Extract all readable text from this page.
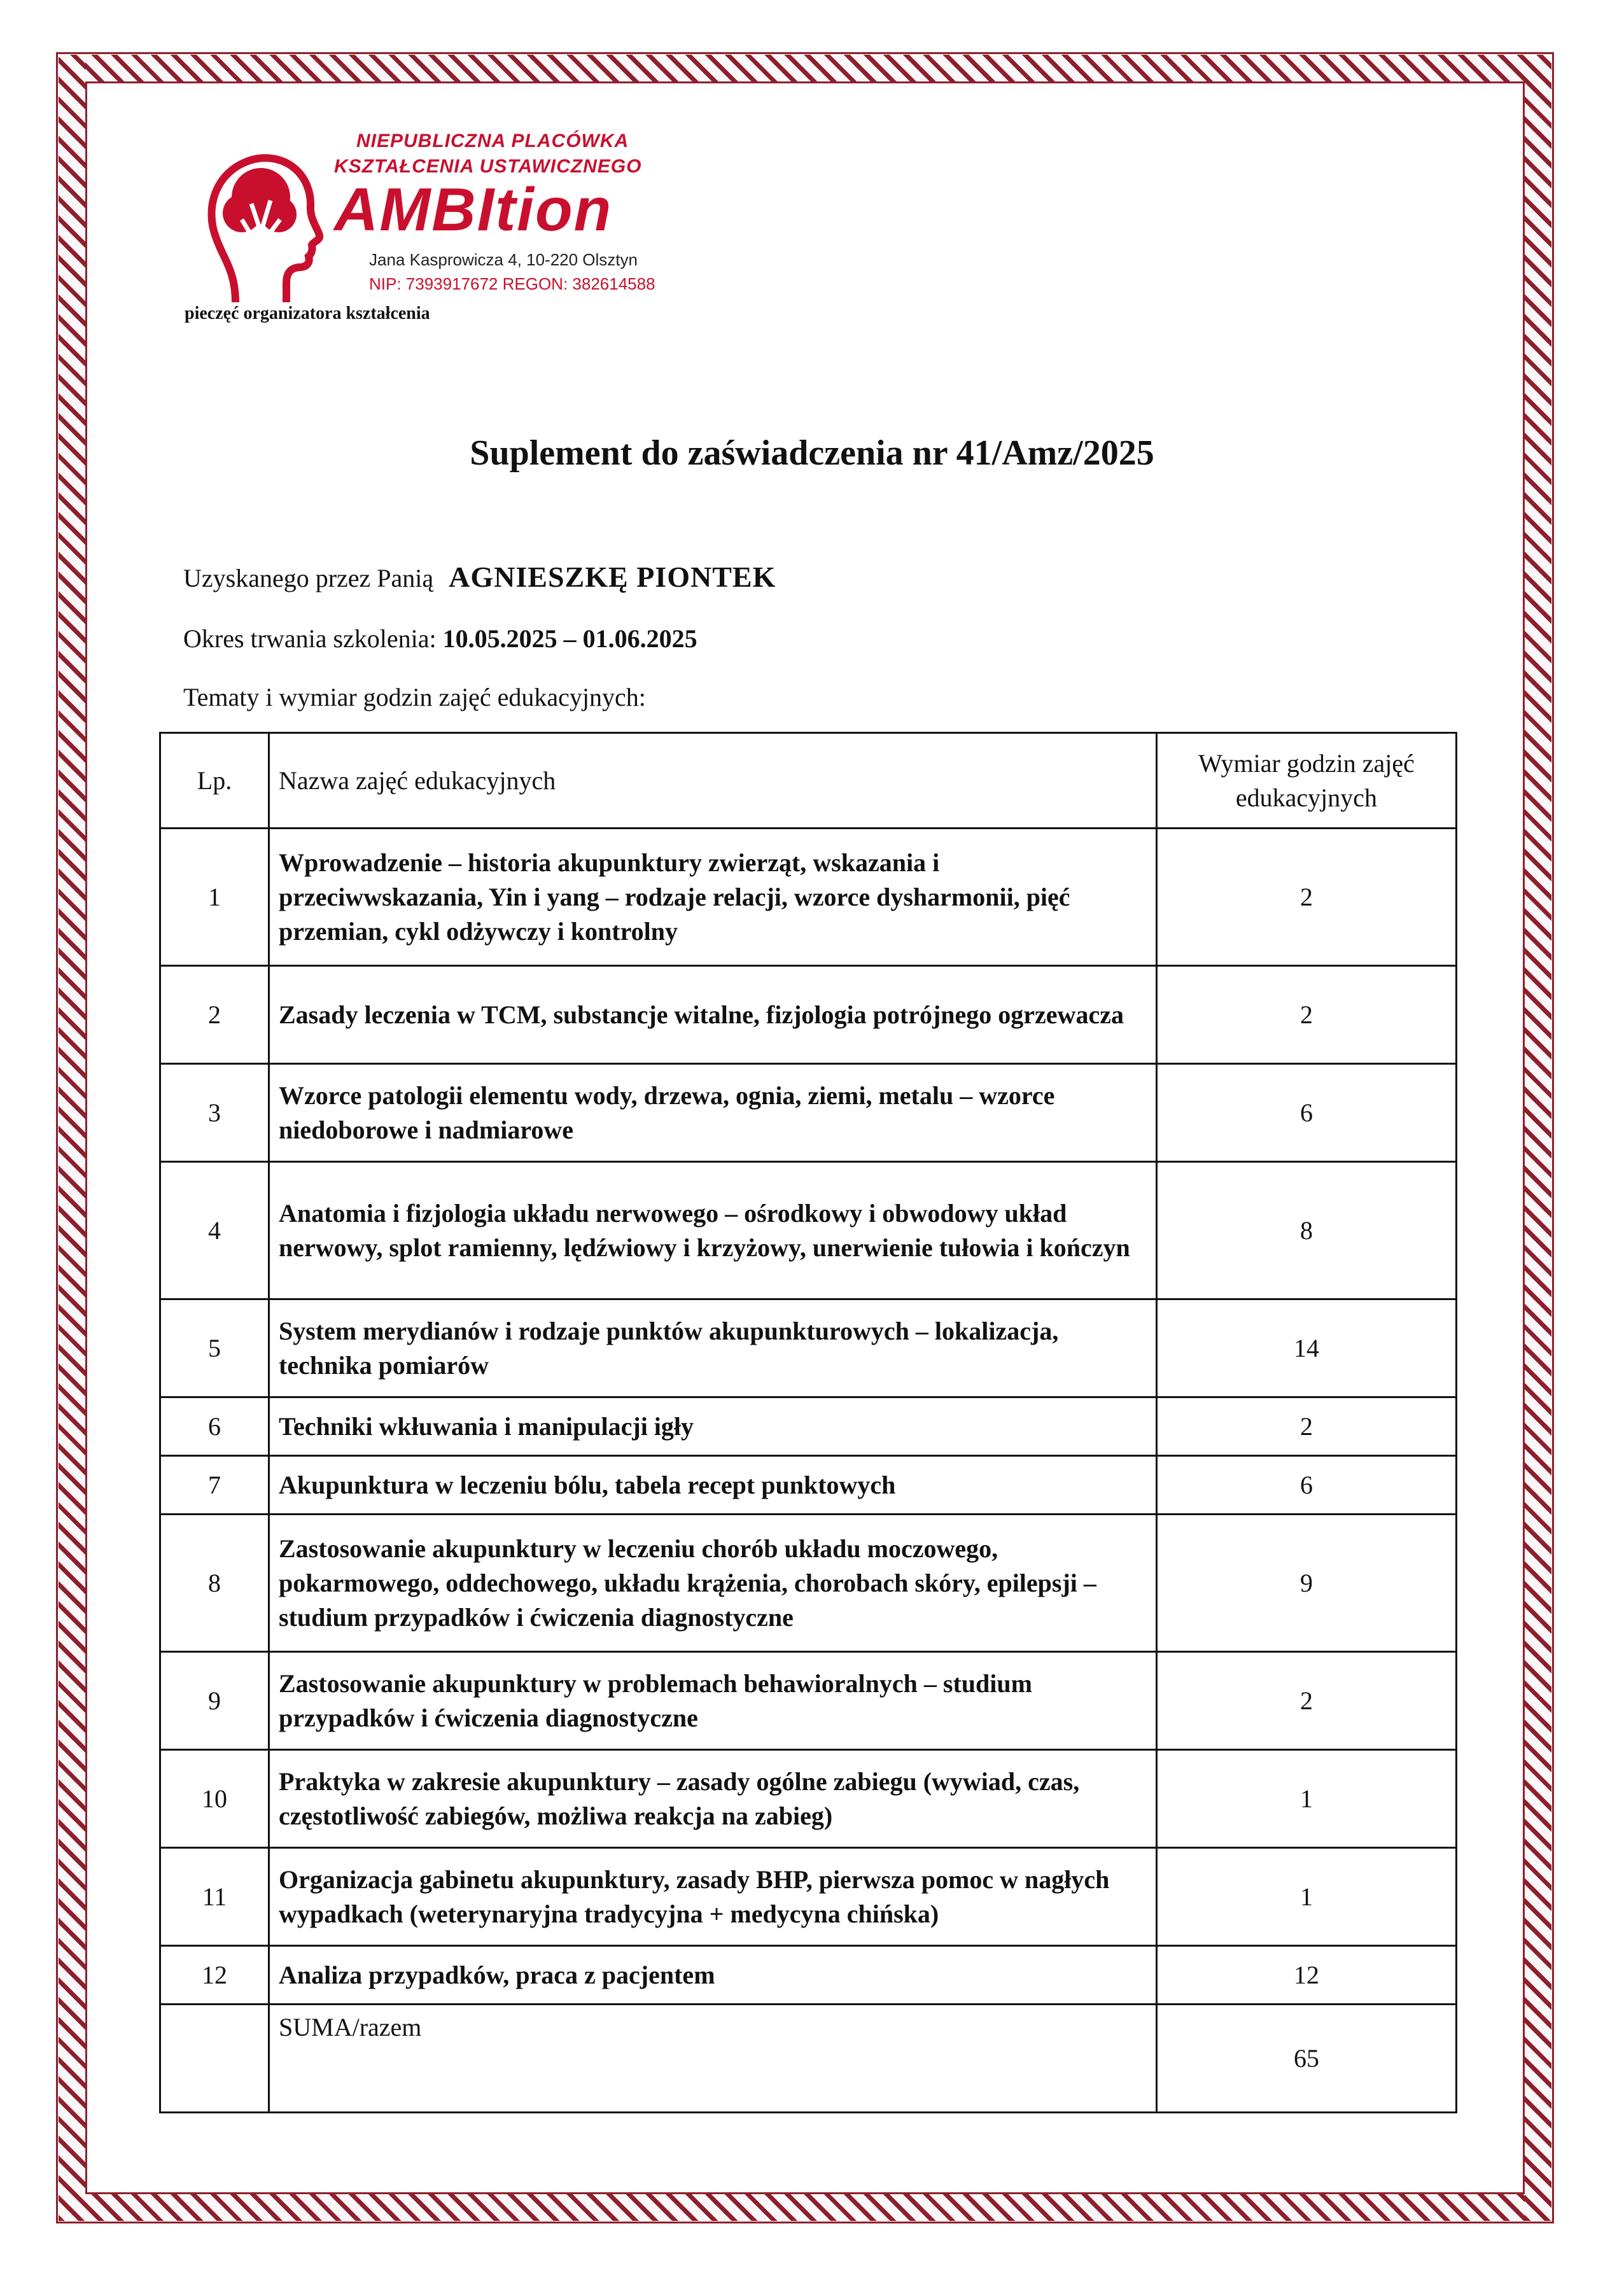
NIEPUBLICZNA PLACÓWKA
KSZTAŁCENIA USTAWICZNEGO
AMBItion
Jana Kasprowicza 4, 10-220 Olsztyn
NIP: 7393917672 REGON: 382614588
pieczęć organizatora kształcenia
Suplement do zaświadczenia nr 41/Amz/2025
Uzyskanego przez Panią AGNIESZKĘ PIONTEK
Okres trwania szkolenia: 10.05.2025 – 01.06.2025
Tematy i wymiar godzin zajęć edukacyjnych:
Lp.	Nazwa zajęć edukacyjnych	Wymiar godzin zajęć edukacyjnych
1	Wprowadzenie – historia akupunktury zwierząt, wskazania i przeciwwskazania, Yin i yang – rodzaje relacji, wzorce dysharmonii, pięć przemian, cykl odżywczy i kontrolny	2
2	Zasady leczenia w TCM, substancje witalne, fizjologia potrójnego ogrzewacza	2
3	Wzorce patologii elementu wody, drzewa, ognia, ziemi, metalu – wzorce niedoborowe i nadmiarowe	6
4	Anatomia i fizjologia układu nerwowego – ośrodkowy i obwodowy układ nerwowy, splot ramienny, lędźwiowy i krzyżowy, unerwienie tułowia i kończyn	8
5	System merydianów i rodzaje punktów akupunkturowych – lokalizacja, technika pomiarów	14
6	Techniki wkłuwania i manipulacji igły	2
7	Akupunktura w leczeniu bólu, tabela recept punktowych	6
8	Zastosowanie akupunktury w leczeniu chorób układu moczowego, pokarmowego, oddechowego, układu krążenia, chorobach skóry, epilepsji – studium przypadków i ćwiczenia diagnostyczne	9
9	Zastosowanie akupunktury w problemach behawioralnych – studium przypadków i ćwiczenia diagnostyczne	2
10	Praktyka w zakresie akupunktury – zasady ogólne zabiegu (wywiad, czas, częstotliwość zabiegów, możliwa reakcja na zabieg)	1
11	Organizacja gabinetu akupunktury, zasady BHP, pierwsza pomoc w nagłych wypadkach (weterynaryjna tradycyjna + medycyna chińska)	1
12	Analiza przypadków, praca z pacjentem	12
	SUMA/razem	65
